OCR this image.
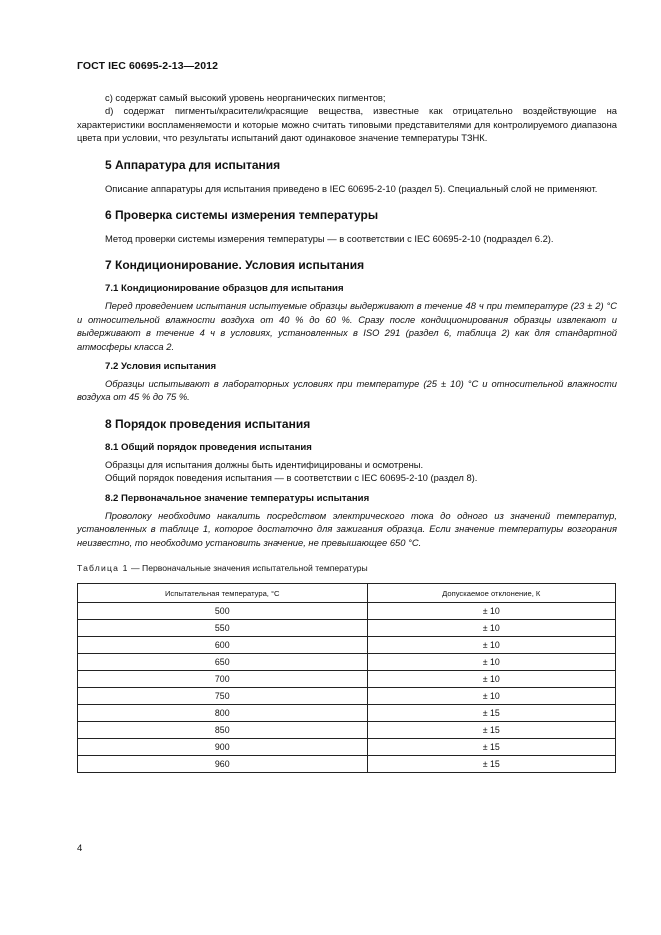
ГОСТ IEC 60695-2-13—2012

c) содержат самый высокий уровень неорганических пигментов;

d) содержат пигменты/красители/красящие вещества, известные как отрицательно воздействующие на характеристики воспламеняемости и которые можно считать типовыми представителями для контролируемого диапазона цвета при условии, что результаты испытаний дают одинаковое значение температуры ТЗНК.

5 Аппаратура для испытания

Описание аппаратуры для испытания приведено в IEC 60695-2-10 (раздел 5). Специальный слой не применяют.

6 Проверка системы измерения температуры

Метод проверки системы измерения температуры — в соответствии с IEC 60695-2-10 (подраздел 6.2).

7 Кондиционирование. Условия испытания
7.1 Кондиционирование образцов для испытания

Перед проведением испытания испытуемые образцы выдерживают в течение 48 ч при температуре (23 ± 2) °С и относительной влажности воздуха от 40 % до 60 %. Сразу после кондиционирования образцы извлекают и выдерживают в течение 4 ч в условиях, установленных в ISO 291 (раздел 6, таблица 2) как для стандартной атмосферы класса 2.

7.2 Условия испытания

Образцы испытывают в лабораторных условиях при температуре (25 ± 10) °С и относительной влажности воздуха от 45 % до 75 %.

8 Порядок проведения испытания
8.1 Общий порядок проведения испытания

Образцы для испытания должны быть идентифицированы и осмотрены.

Общий порядок поведения испытания — в соответствии с IEC 60695-2-10 (раздел 8).

8.2 Первоначальное значение температуры испытания

Проволоку необходимо накалить посредством электрического тока до одного из значений температур, установленных в таблице 1, которое достаточно для зажигания образца. Если значение температуры возгорания неизвестно, то необходимо установить значение, не превышающее 650 °С.

Таблица 1 — Первоначальные значения испытательной температуры
Испытательная температура, °С	Допускаемое отклонение, К
500	± 10
550	± 10
600	± 10
650	± 10
700	± 10
750	± 10
800	± 15
850	± 15
900	± 15
960	± 15
4
